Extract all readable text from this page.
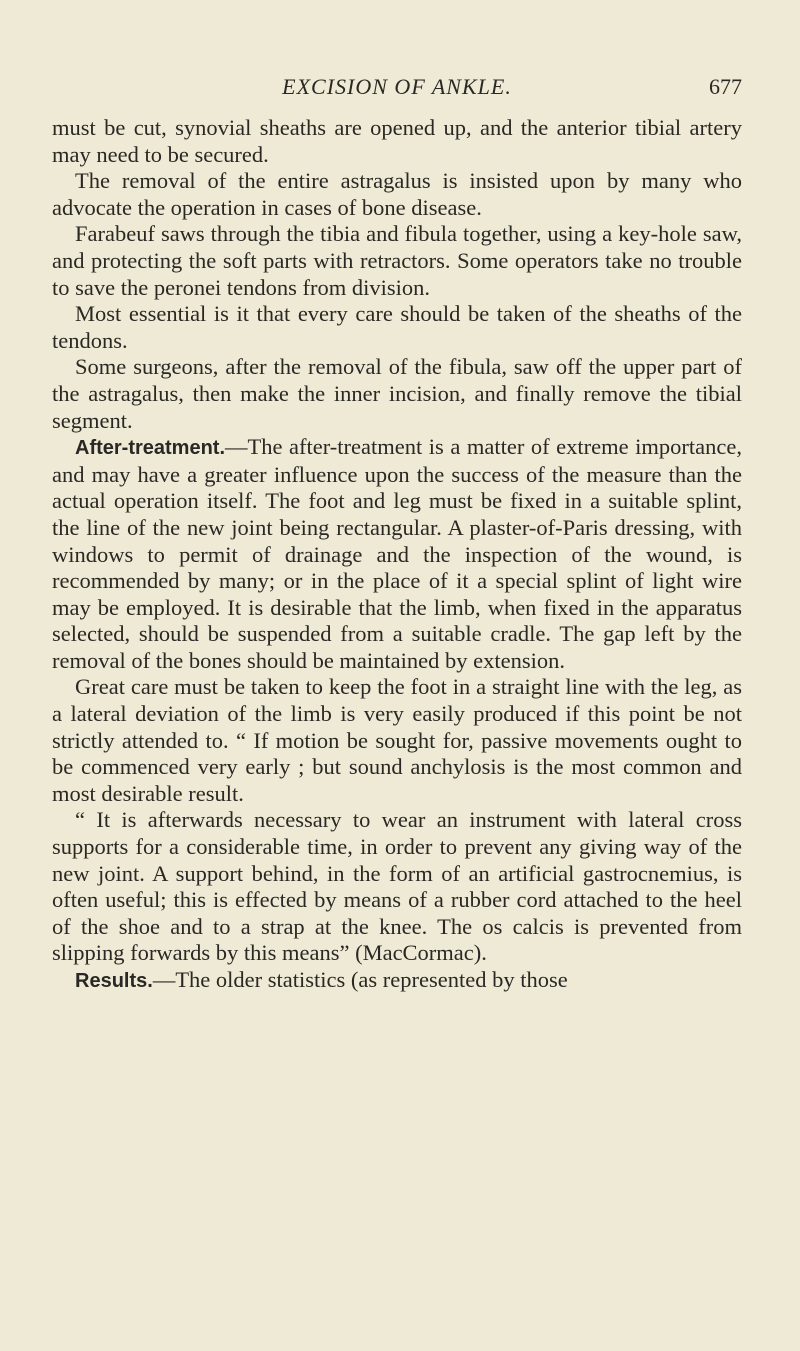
EXCISION OF ANKLE.	677

must be cut, synovial sheaths are opened up, and the anterior tibial artery may need to be secured.

The removal of the entire astragalus is insisted upon by many who advocate the operation in cases of bone disease.

Farabeuf saws through the tibia and fibula together, using a key-hole saw, and protecting the soft parts with retractors. Some operators take no trouble to save the peronei tendons from division.

Most essential is it that every care should be taken of the sheaths of the tendons.

Some surgeons, after the removal of the fibula, saw off the upper part of the astragalus, then make the inner incision, and finally remove the tibial segment.

After-treatment.—The after-treatment is a matter of extreme importance, and may have a greater influence upon the success of the measure than the actual operation itself. The foot and leg must be fixed in a suitable splint, the line of the new joint being rectangular. A plaster-of-Paris dressing, with windows to permit of drainage and the inspection of the wound, is recommended by many; or in the place of it a special splint of light wire may be employed. It is desirable that the limb, when fixed in the apparatus selected, should be suspended from a suitable cradle. The gap left by the removal of the bones should be maintained by extension.

Great care must be taken to keep the foot in a straight line with the leg, as a lateral deviation of the limb is very easily produced if this point be not strictly attended to. “ If motion be sought for, passive movements ought to be commenced very early ; but sound anchylosis is the most common and most desirable result.

“ It is afterwards necessary to wear an instrument with lateral cross supports for a considerable time, in order to prevent any giving way of the new joint. A support behind, in the form of an artificial gastrocnemius, is often useful; this is effected by means of a rubber cord attached to the heel of the shoe and to a strap at the knee. The os calcis is prevented from slipping forwards by this means” (MacCormac).

Results.—The older statistics (as represented by those
